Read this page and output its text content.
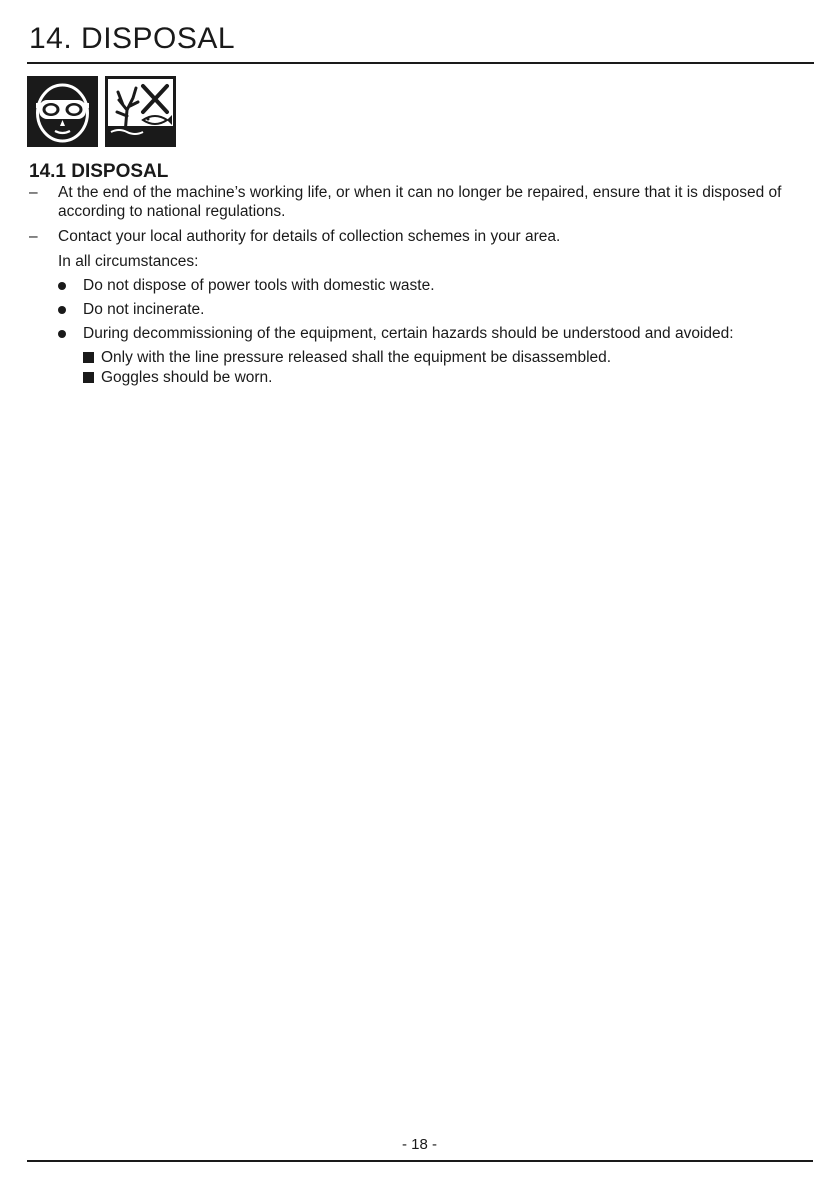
14. DISPOSAL
14.1 DISPOSAL
– At the end of the machine’s working life, or when it can no longer be repaired, ensure that it is disposed of according to national regulations.
– Contact your local authority for details of collection schemes in your area.
In all circumstances:
Do not dispose of power tools with domestic waste.
Do not incinerate.
During decommissioning of the equipment, certain hazards should be understood and avoided:
Only with the line pressure released shall the equipment be disassembled.
Goggles should be worn.
- 18 -
